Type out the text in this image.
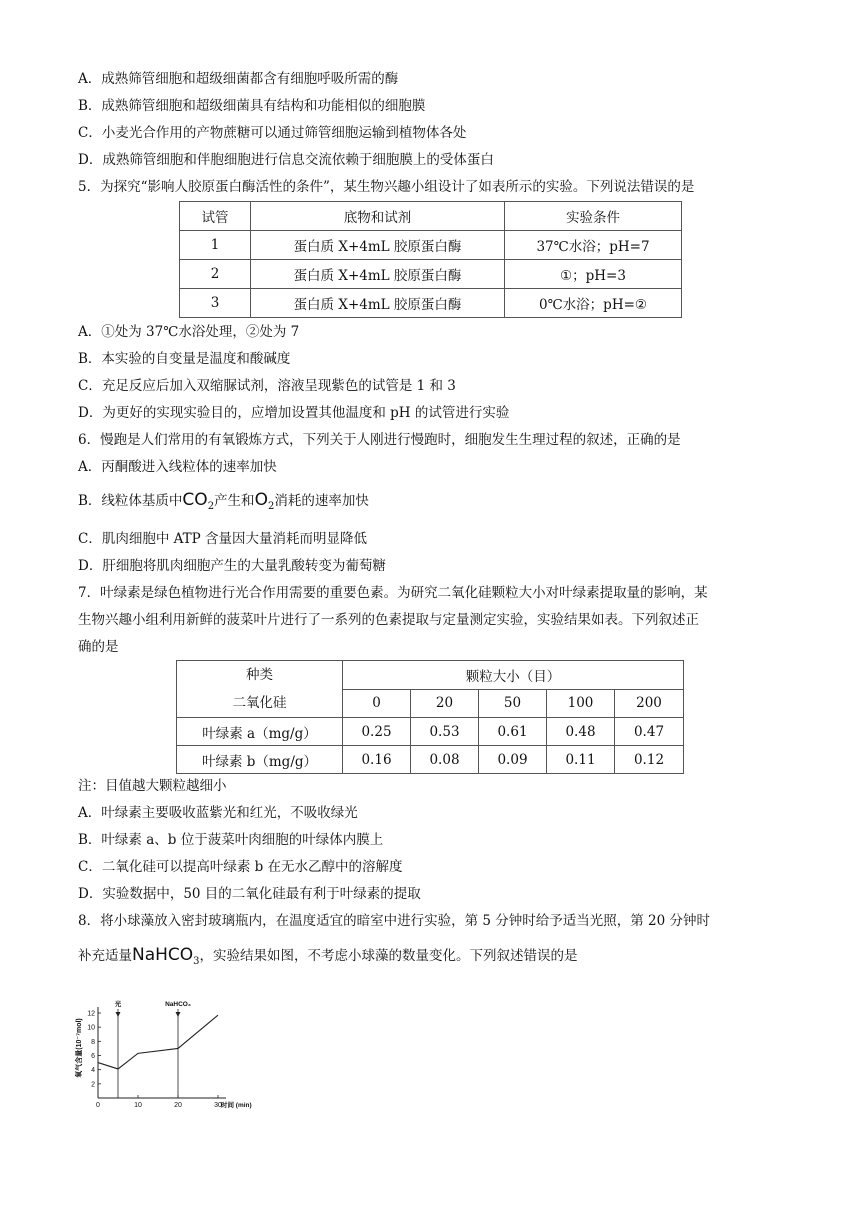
A．成熟筛管细胞和超级细菌都含有细胞呼吸所需的酶
B．成熟筛管细胞和超级细菌具有结构和功能相似的细胞膜
C．小麦光合作用的产物蔗糖可以通过筛管细胞运输到植物体各处
D．成熟筛管细胞和伴胞细胞进行信息交流依赖于细胞膜上的受体蛋白
5．为探究“影响人胶原蛋白酶活性的条件”，某生物兴趣小组设计了如表所示的实验。下列说法错误的是
试管	底物和试剂	实验条件
1	蛋白质 X+4mL 胶原蛋白酶	37℃水浴；pH=7
2	蛋白质 X+4mL 胶原蛋白酶	①；pH=3
3	蛋白质 X+4mL 胶原蛋白酶	0℃水浴；pH=②
A．①处为 37℃水浴处理，②处为 7
B．本实验的自变量是温度和酸碱度
C．充足反应后加入双缩脲试剂，溶液呈现紫色的试管是 1 和 3
D．为更好的实现实验目的，应增加设置其他温度和 pH 的试管进行实验
6．慢跑是人们常用的有氧锻炼方式，下列关于人刚进行慢跑时，细胞发生生理过程的叙述，正确的是
A．丙酮酸进入线粒体的速率加快
B．线粒体基质中$CO_2$产生和$O_2$消耗的速率加快
C．肌肉细胞中 ATP 含量因大量消耗而明显降低
D．肝细胞将肌肉细胞产生的大量乳酸转变为葡萄糖
7．叶绿素是绿色植物进行光合作用需要的重要色素。为研究二氧化硅颗粒大小对叶绿素提取量的影响，某
生物兴趣小组利用新鲜的菠菜叶片进行了一系列的色素提取与定量测定实验，实验结果如表。下列叙述正
确的是
种类
二氧化硅	颗粒大小（目）				
	0	20	50	100	200
叶绿素 a（mg/g）	0.25	0.53	0.61	0.48	0.47
叶绿素 b（mg/g）	0.16	0.08	0.09	0.11	0.12
注：目值越大颗粒越细小
A．叶绿素主要吸收蓝紫光和红光，不吸收绿光
B．叶绿素 a、b 位于菠菜叶肉细胞的叶绿体内膜上
C．二氧化硅可以提高叶绿素 b 在无水乙醇中的溶解度
D．实验数据中，50 目的二氧化硅最有利于叶绿素的提取
8．将小球藻放入密封玻璃瓶内，在温度适宜的暗室中进行实验，第 5 分钟时给予适当光照，第 20 分钟时
补充适量NaHCO$_3$，实验结果如图，不考虑小球藻的数量变化。下列叙述错误的是
氧气含量(10⁻⁷mol)
2
4
6
8
10
12
0	10	20	30 时间 (min)
光	NaHCO₃
